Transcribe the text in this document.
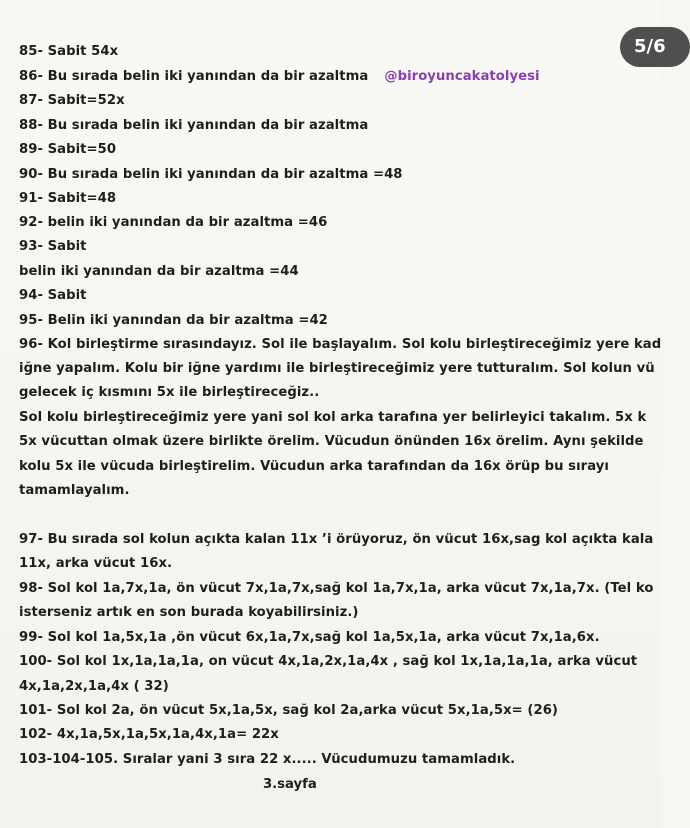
5/6
85- Sabit 54x
86- Bu sırada belin iki yanından da bir azaltma @biroyuncakatolyesi
87- Sabit=52x
88- Bu sırada belin iki yanından da bir azaltma
89- Sabit=50
90- Bu sırada belin iki yanından da bir azaltma =48
91- Sabit=48
92- belin iki yanından da bir azaltma =46
93- Sabit
belin iki yanından da bir azaltma =44
94- Sabit
95- Belin iki yanından da bir azaltma =42
96- Kol birleştirme sırasındayız. Sol ile başlayalım. Sol kolu birleştireceğimiz yere kad
iğne yapalım. Kolu bir iğne yardımı ile birleştireceğimiz yere tutturalım. Sol kolun vü
gelecek iç kısmını 5x ile birleştireceğiz..
Sol kolu birleştireceğimiz yere yani sol kol arka tarafına yer belirleyici takalım. 5x k
5x vücuttan olmak üzere birlikte örelim. Vücudun önünden 16x örelim. Aynı şekilde
kolu 5x ile vücuda birleştirelim. Vücudun arka tarafından da 16x örüp bu sırayı
tamamlayalım.
97- Bu sırada sol kolun açıkta kalan 11x ’i örüyoruz, ön vücut 16x,sag kol açıkta kala
11x, arka vücut 16x.
98- Sol kol 1a,7x,1a, ön vücut 7x,1a,7x,sağ kol 1a,7x,1a, arka vücut 7x,1a,7x. (Tel ko
isterseniz artık en son burada koyabilirsiniz.)
99- Sol kol 1a,5x,1a ,ön vücut 6x,1a,7x,sağ kol 1a,5x,1a, arka vücut 7x,1a,6x.
100- Sol kol 1x,1a,1a,1a, on vücut 4x,1a,2x,1a,4x , sağ kol 1x,1a,1a,1a, arka vücut
4x,1a,2x,1a,4x ( 32)
101- Sol kol 2a, ön vücut 5x,1a,5x, sağ kol 2a,arka vücut 5x,1a,5x= (26)
102- 4x,1a,5x,1a,5x,1a,4x,1a= 22x
103-104-105. Sıralar yani 3 sıra 22 x..... Vücudumuzu tamamladık.
3.sayfa
